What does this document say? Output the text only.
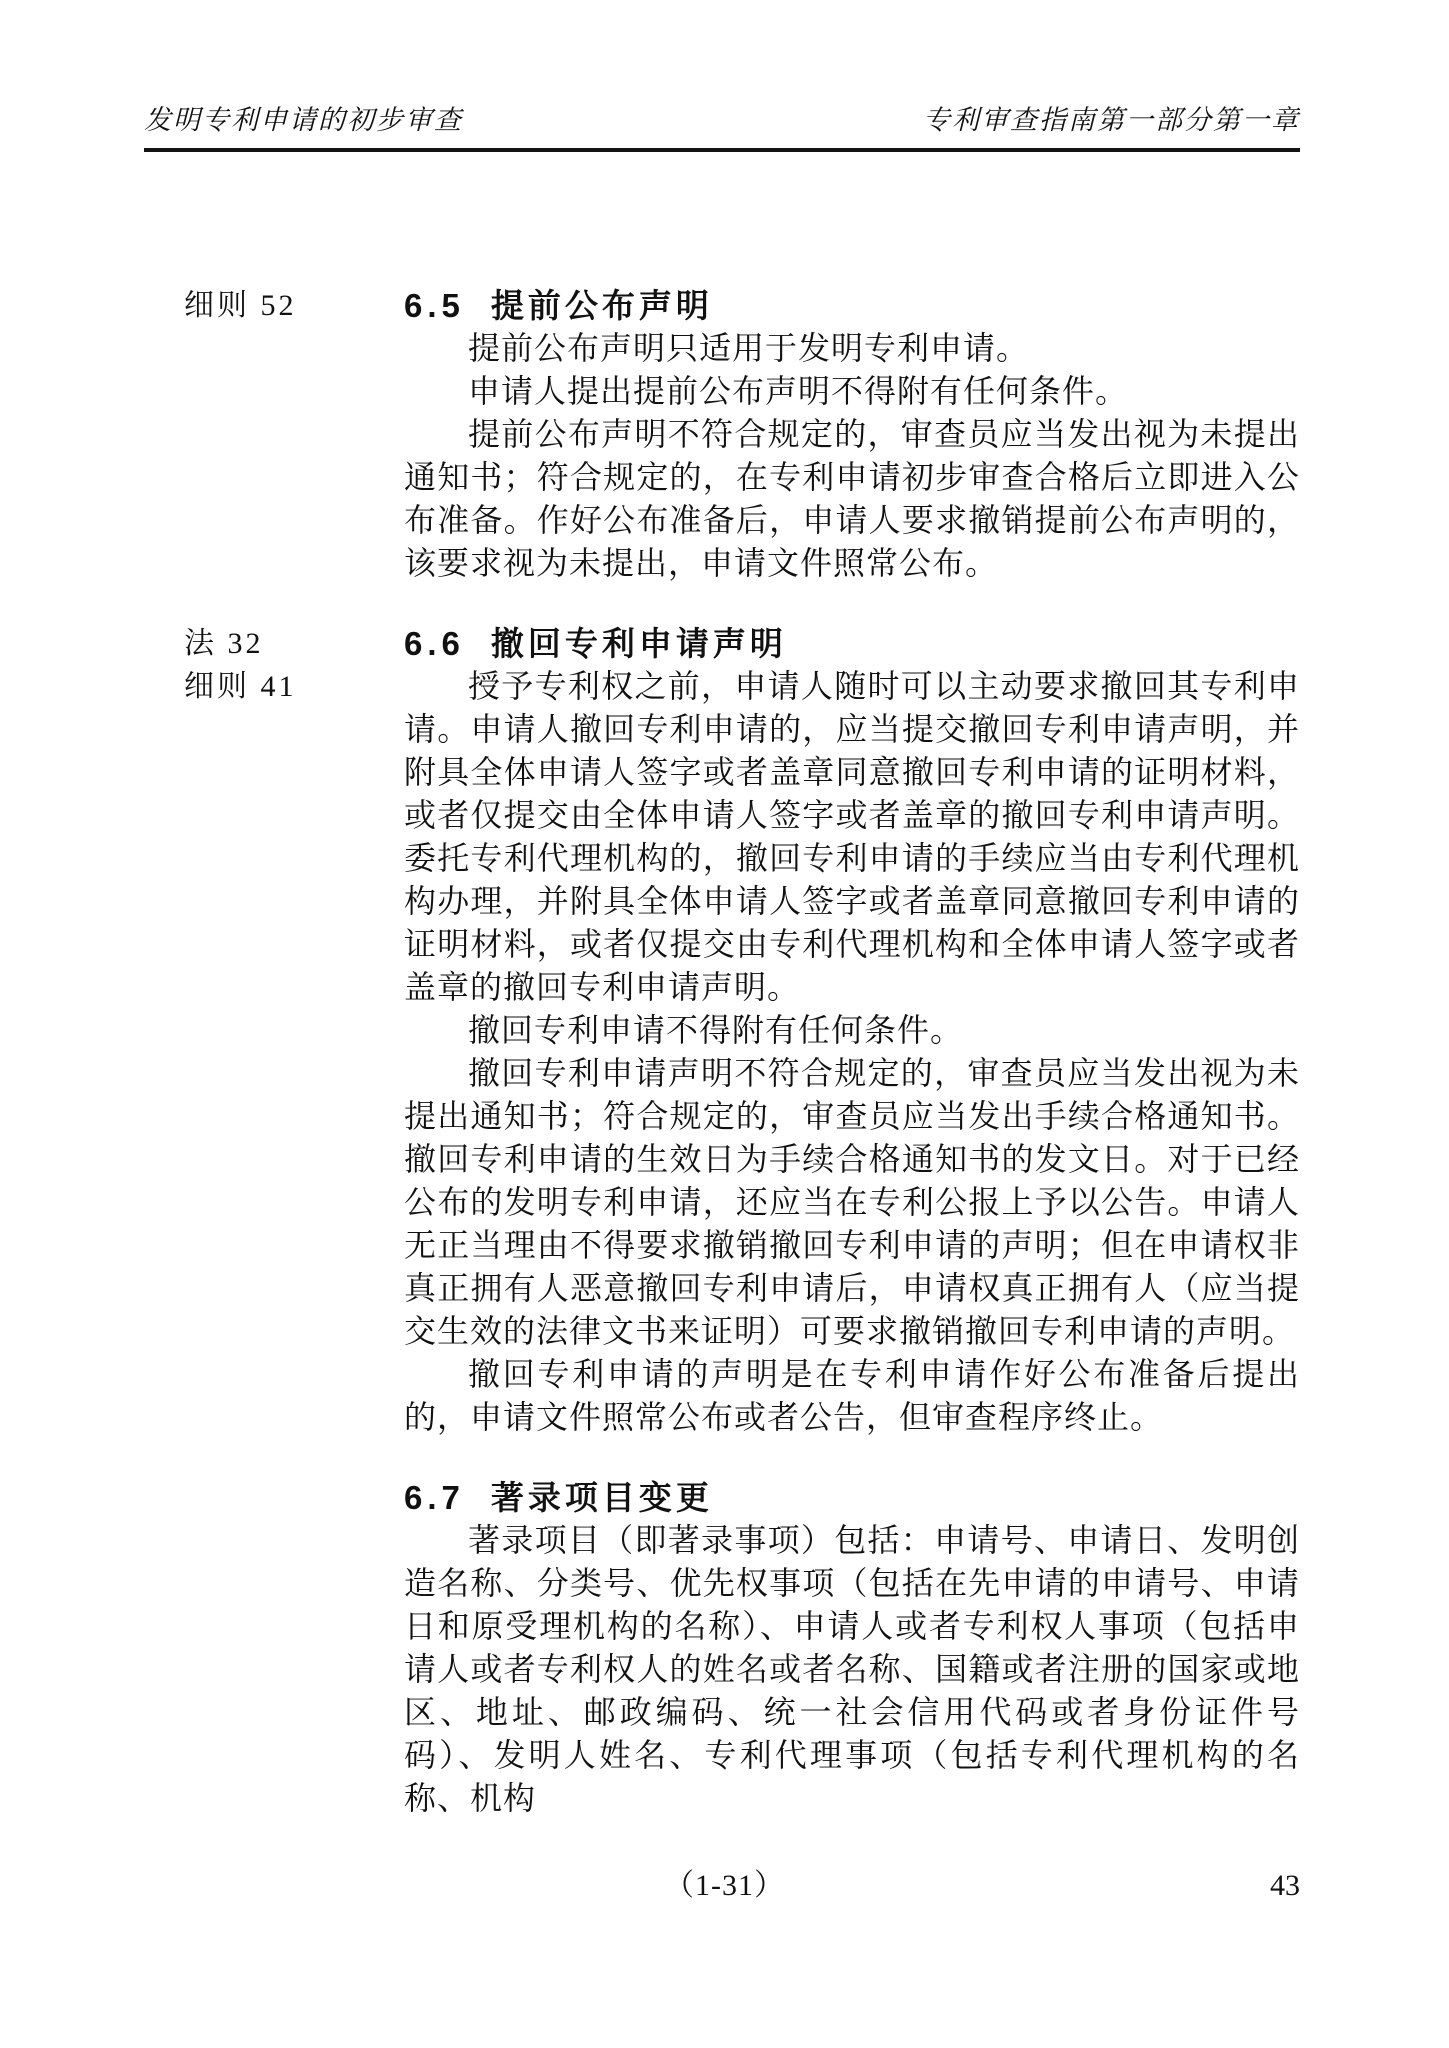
发明专利申请的初步审查	专利审查指南第一部分第一章
细则 52	6.5 提前公布声明

提前公布声明只适用于发明专利申请。

申请人提出提前公布声明不得附有任何条件。

提前公布声明不符合规定的，审查员应当发出视为未提出通知书；符合规定的，在专利申请初步审查合格后立即进入公布准备。作好公布准备后，申请人要求撤销提前公布声明的，该要求视为未提出，申请文件照常公布。

法 32
细则 41
6.6 撤回专利申请声明

授予专利权之前，申请人随时可以主动要求撤回其专利申请。申请人撤回专利申请的，应当提交撤回专利申请声明，并附具全体申请人签字或者盖章同意撤回专利申请的证明材料，或者仅提交由全体申请人签字或者盖章的撤回专利申请声明。委托专利代理机构的，撤回专利申请的手续应当由专利代理机构办理，并附具全体申请人签字或者盖章同意撤回专利申请的证明材料，或者仅提交由专利代理机构和全体申请人签字或者盖章的撤回专利申请声明。

撤回专利申请不得附有任何条件。

撤回专利申请声明不符合规定的，审查员应当发出视为未提出通知书；符合规定的，审查员应当发出手续合格通知书。撤回专利申请的生效日为手续合格通知书的发文日。对于已经公布的发明专利申请，还应当在专利公报上予以公告。申请人无正当理由不得要求撤销撤回专利申请的声明；但在申请权非真正拥有人恶意撤回专利申请后，申请权真正拥有人（应当提交生效的法律文书来证明）可要求撤销撤回专利申请的声明。

撤回专利申请的声明是在专利申请作好公布准备后提出的，申请文件照常公布或者公告，但审查程序终止。

6.7 著录项目变更

著录项目（即著录事项）包括：申请号、申请日、发明创造名称、分类号、优先权事项（包括在先申请的申请号、申请日和原受理机构的名称）、申请人或者专利权人事项（包括申请人或者专利权人的姓名或者名称、国籍或者注册的国家或地区、地址、邮政编码、统一社会信用代码或者身份证件号码）、发明人姓名、专利代理事项（包括专利代理机构的名称、机构

（1-31）	43
